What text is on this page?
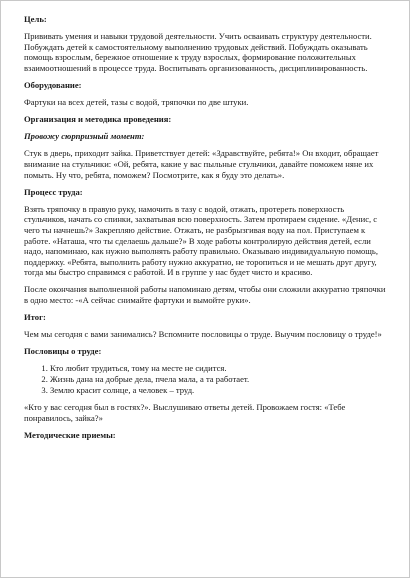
Цель:

Прививать умения и навыки трудовой деятельности. Учить осваивать структуру деятельности. Побуждать детей к самостоятельному выполнению трудовых действий. Побуждать оказывать помощь взрослым, бережное отношение к труду взрослых, формирование положительных взаимоотношений в процессе труда. Воспитывать организованность, дисциплинированность.

Оборудование:

Фартуки на всех детей, тазы с водой, тряпочки по две штуки.

Организация и методика проведения:

Провожу сюрпризный момент:

Стук в дверь, приходит зайка. Приветствует детей: «Здравствуйте, ребята!» Он входит, обращает внимание на стульчики: «Ой, ребята, какие у вас пыльные стульчики, давайте поможем няне их помыть. Ну что, ребята, поможем? Посмотрите, как я буду это делать».

Процесс труда:

Взять тряпочку в правую руку, намочить в тазу с водой, отжать, протереть поверхность стульчиков, начать со спинки, захватывая всю поверхность. Затем протираем сидение. «Денис, с чего ты начнешь?» Закрепляю действие. Отжать, не разбрызгивая воду на пол. Приступаем к работе. «Наташа, что ты сделаешь дальше?» В ходе работы контролирую действия детей, если надо, напоминаю, как нужно выполнять работу правильно. Оказываю индивидуальную помощь, поддержку. «Ребята, выполнить работу нужно аккуратно, не торопиться и не мешать друг другу, тогда мы быстро справимся с работой. И в группе у нас будет чисто и красиво.

После окончания выполненной работы напоминаю детям, чтобы они сложили аккуратно тряпочки в одно место: -«А сейчас снимайте фартуки и вымойте руки».

Итог:

Чем мы сегодня с вами занимались? Вспомните пословицы о труде. Выучим пословицу о труде!»

Пословицы о труде:

1. Кто любит трудиться, тому на месте не сидится.
2. Жизнь дана на добрые дела, пчела мала, а та работает.
3. Землю красит солнце, а человек – труд.

«Кто у вас сегодня был в гостях?». Выслушиваю ответы детей. Провожаем гостя: «Тебе понравилось, зайка?»

Методические приемы:
